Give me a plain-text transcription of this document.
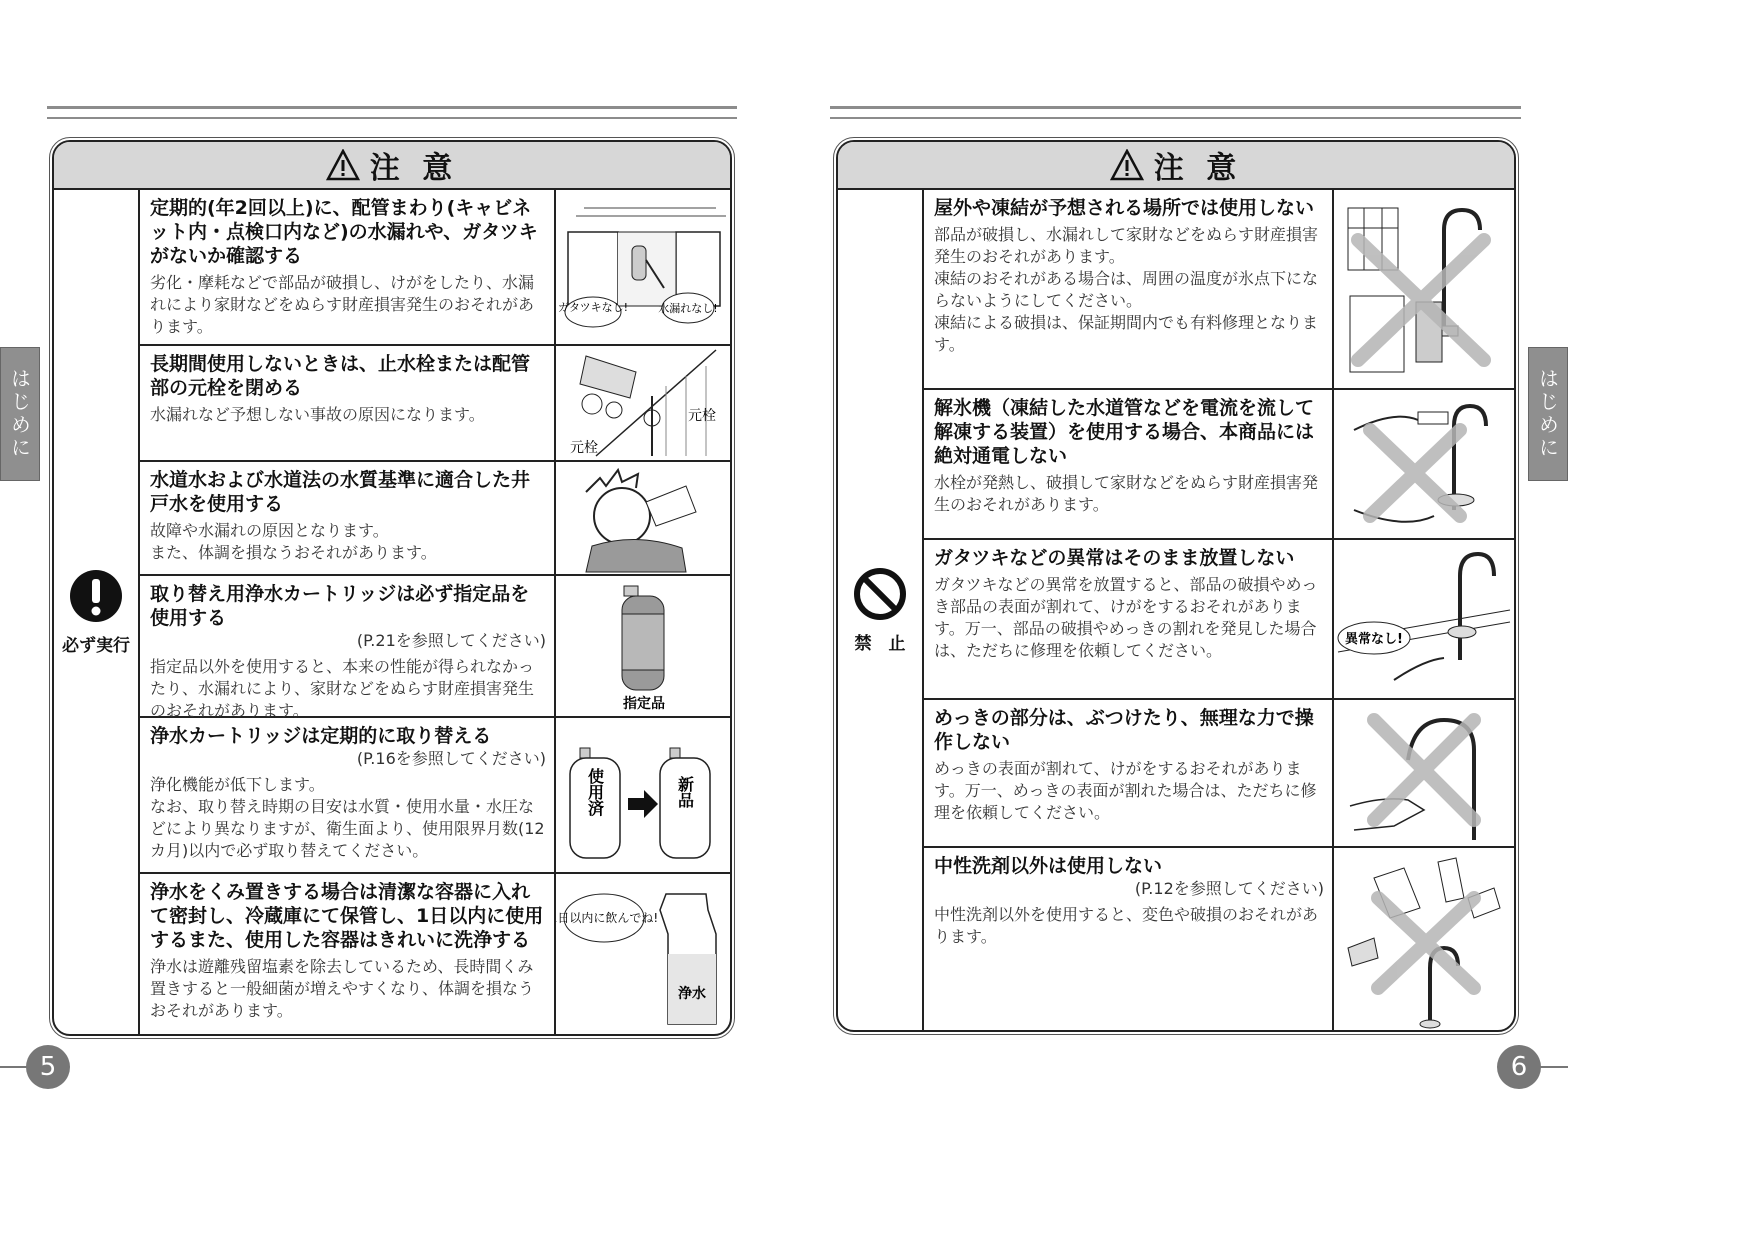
注 意
必ず実行
定期的(年2回以上)に、配管まわり(キャビネット内・点検口内など)の水漏れや、ガタツキがないか確認する
劣化・摩耗などで部品が破損し、けがをしたり、水漏れにより家財などをぬらす財産損害発生のおそれがあります。
ガタツキなし!	水漏れなし!
長期間使用しないときは、止水栓または配管部の元栓を閉める
水漏れなど予想しない事故の原因になります。
元栓
元栓
水道水および水道法の水質基準に適合した井戸水を使用する
故障や水漏れの原因となります。
また、体調を損なうおそれがあります。
取り替え用浄水カートリッジは必ず指定品を使用する
(P.21を参照してください)
指定品以外を使用すると、本来の性能が得られなかったり、水漏れにより、家財などをぬらす財産損害発生のおそれがあります。	指定品
浄水カートリッジは定期的に取り替える
(P.16を参照してください)
浄化機能が低下します。
なお、取り替え時期の目安は水質・使用水量・水圧などにより異なりますが、衛生面より、使用限界月数(12カ月)以内で必ず取り替えてください。
使用済	新品
浄水をくみ置きする場合は清潔な容器に入れて密封し、冷蔵庫にて保管し、1日以内に使用するまた、使用した容器はきれいに洗浄する
浄水は遊離残留塩素を除去しているため、長時間くみ置きすると一般細菌が増えやすくなり、体調を損なうおそれがあります。
1日以内に飲んでね!
浄水
注 意
禁　止
屋外や凍結が予想される場所では使用しない
部品が破損し、水漏れして家財などをぬらす財産損害発生のおそれがあります。
凍結のおそれがある場合は、周囲の温度が氷点下にならないようにしてください。
凍結による破損は、保証期間内でも有料修理となります。
解氷機（凍結した水道管などを電流を流して解凍する装置）を使用する場合、本商品には絶対通電しない
水栓が発熱し、破損して家財などをぬらす財産損害発生のおそれがあります。
ガタツキなどの異常はそのまま放置しない
ガタツキなどの異常を放置すると、部品の破損やめっき部品の表面が割れて、けがをするおそれがあります。万一、部品の破損やめっきの割れを発見した場合は、ただちに修理を依頼してください。
異常なし!
めっきの部分は、ぶつけたり、無理な力で操作しない
めっきの表面が割れて、けがをするおそれがあります。万一、めっきの表面が割れた場合は、ただちに修理を依頼してください。
中性洗剤以外は使用しない
(P.12を参照してください)
中性洗剤以外を使用すると、変色や破損のおそれがあります。
はじめに	はじめに
5	6
